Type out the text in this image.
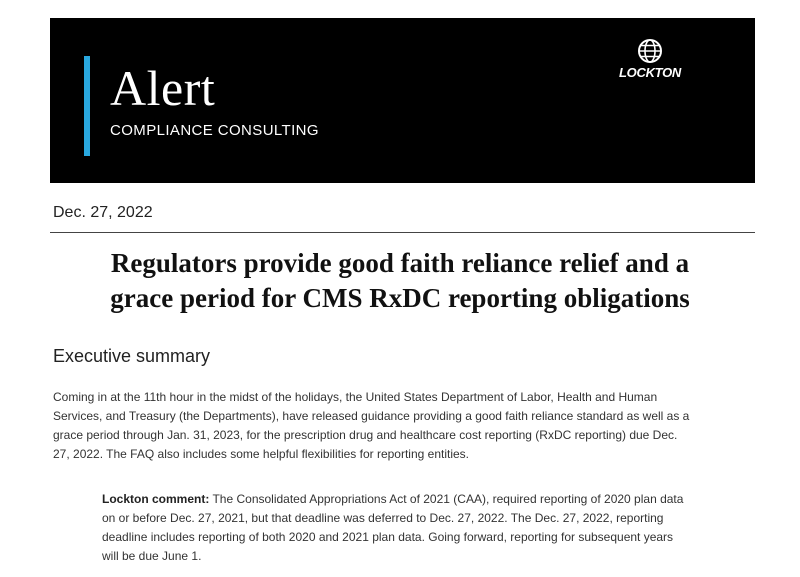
Alert
COMPLIANCE CONSULTING
LOCKTON
Dec. 27, 2022
Regulators provide good faith reliance relief and a
grace period for CMS RxDC reporting obligations
Executive summary

Coming in at the 11th hour in the midst of the holidays, the United States Department of Labor, Health and Human

Services, and Treasury (the Departments), have released guidance providing a good faith reliance standard as well as a

grace period through Jan. 31, 2023, for the prescription drug and healthcare cost reporting (RxDC reporting) due Dec.

27, 2022. The FAQ also includes some helpful flexibilities for reporting entities.

Lockton comment: The Consolidated Appropriations Act of 2021 (CAA), required reporting of 2020 plan data

on or before Dec. 27, 2021, but that deadline was deferred to Dec. 27, 2022. The Dec. 27, 2022, reporting

deadline includes reporting of both 2020 and 2021 plan data. Going forward, reporting for subsequent years

will be due June 1.
